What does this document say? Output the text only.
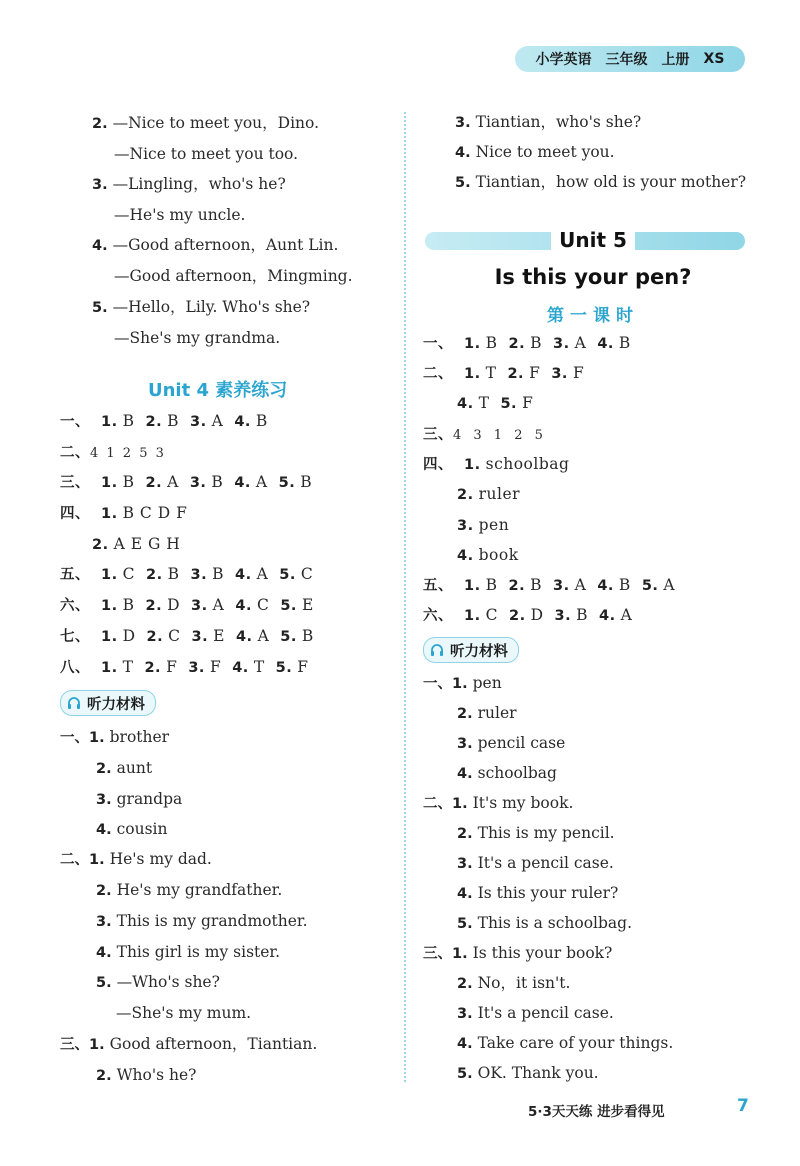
小学英语 三年级 上册 XS
2. —Nice to meet you，Dino.
—Nice to meet you too.
3. —Lingling，who's he?
—He's my uncle.
4. —Good afternoon，Aunt Lin.
—Good afternoon，Mingming.
5. —Hello，Lily. Who's she?
—She's my grandma.
Unit 4 素养练习
一、 1. B 2. B 3. A 4. B
二、4 1 2 5 3
三、 1. B 2. A 3. B 4. A 5. B
四、 1. B C D F
2. A E G H
五、 1. C 2. B 3. B 4. A 5. C
六、 1. B 2. D 3. A 4. C 5. E
七、 1. D 2. C 3. E 4. A 5. B
八、 1. T 2. F 3. F 4. T 5. F
听力材料
一、1. brother
2. aunt
3. grandpa
4. cousin
二、1. He's my dad.
2. He's my grandfather.
3. This is my grandmother.
4. This girl is my sister.
5. —Who's she?
—She's my mum.
三、1. Good afternoon，Tiantian.
2. Who's he?
3. Tiantian，who's she?
4. Nice to meet you.
5. Tiantian，how old is your mother?
Unit 5
Is this your pen?
第一课时
一、 1. B 2. B 3. A 4. B
二、 1. T 2. F 3. F
4. T 5. F
三、4 3 1 2 5
四、 1. schoolbag
2. ruler
3. pen
4. book
五、 1. B 2. B 3. A 4. B 5. A
六、 1. C 2. D 3. B 4. A
听力材料
一、1. pen
2. ruler
3. pencil case
4. schoolbag
二、1. It's my book.
2. This is my pencil.
3. It's a pencil case.
4. Is this your ruler?
5. This is a schoolbag.
三、1. Is this your book?
2. No，it isn't.
3. It's a pencil case.
4. Take care of your things.
5. OK. Thank you.
5·3天天练 进步看得见	7
